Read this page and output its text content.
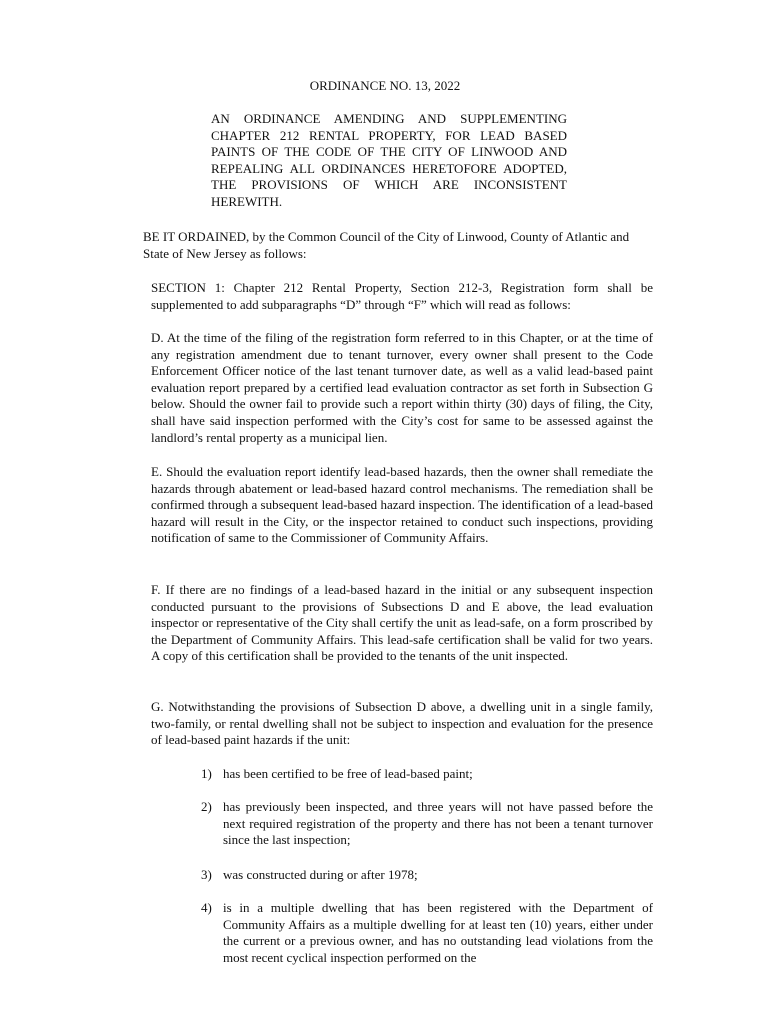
ORDINANCE NO. 13, 2022

AN ORDINANCE AMENDING AND SUPPLEMENTING CHAPTER 212 RENTAL PROPERTY, FOR LEAD BASED PAINTS OF THE CODE OF THE CITY OF LINWOOD AND REPEALING ALL ORDINANCES HERETOFORE ADOPTED, THE PROVISIONS OF WHICH ARE INCONSISTENT HEREWITH.

BE IT ORDAINED, by the Common Council of the City of Linwood, County of Atlantic and State of New Jersey as follows:

SECTION 1: Chapter 212 Rental Property, Section 212-3, Registration form shall be supplemented to add subparagraphs “D” through “F” which will read as follows:

D. At the time of the filing of the registration form referred to in this Chapter, or at the time of any registration amendment due to tenant turnover, every owner shall present to the Code Enforcement Officer notice of the last tenant turnover date, as well as a valid lead-based paint evaluation report prepared by a certified lead evaluation contractor as set forth in Subsection G below. Should the owner fail to provide such a report within thirty (30) days of filing, the City, shall have said inspection performed with the City’s cost for same to be assessed against the landlord’s rental property as a municipal lien.

E. Should the evaluation report identify lead-based hazards, then the owner shall remediate the hazards through abatement or lead-based hazard control mechanisms. The remediation shall be confirmed through a subsequent lead-based hazard inspection. The identification of a lead-based hazard will result in the City, or the inspector retained to conduct such inspections, providing notification of same to the Commissioner of Community Affairs.

F. If there are no findings of a lead-based hazard in the initial or any subsequent inspection conducted pursuant to the provisions of Subsections D and E above, the lead evaluation inspector or representative of the City shall certify the unit as lead-safe, on a form proscribed by the Department of Community Affairs. This lead-safe certification shall be valid for two years. A copy of this certification shall be provided to the tenants of the unit inspected.

G. Notwithstanding the provisions of Subsection D above, a dwelling unit in a single family, two-family, or rental dwelling shall not be subject to inspection and evaluation for the presence of lead-based paint hazards if the unit:

1) has been certified to be free of lead-based paint;
2) has previously been inspected, and three years will not have passed before the next required registration of the property and there has not been a tenant turnover since the last inspection;
3) was constructed during or after 1978;
4) is in a multiple dwelling that has been registered with the Department of Community Affairs as a multiple dwelling for at least ten (10) years, either under the current or a previous owner, and has no outstanding lead violations from the most recent cyclical inspection performed on the
